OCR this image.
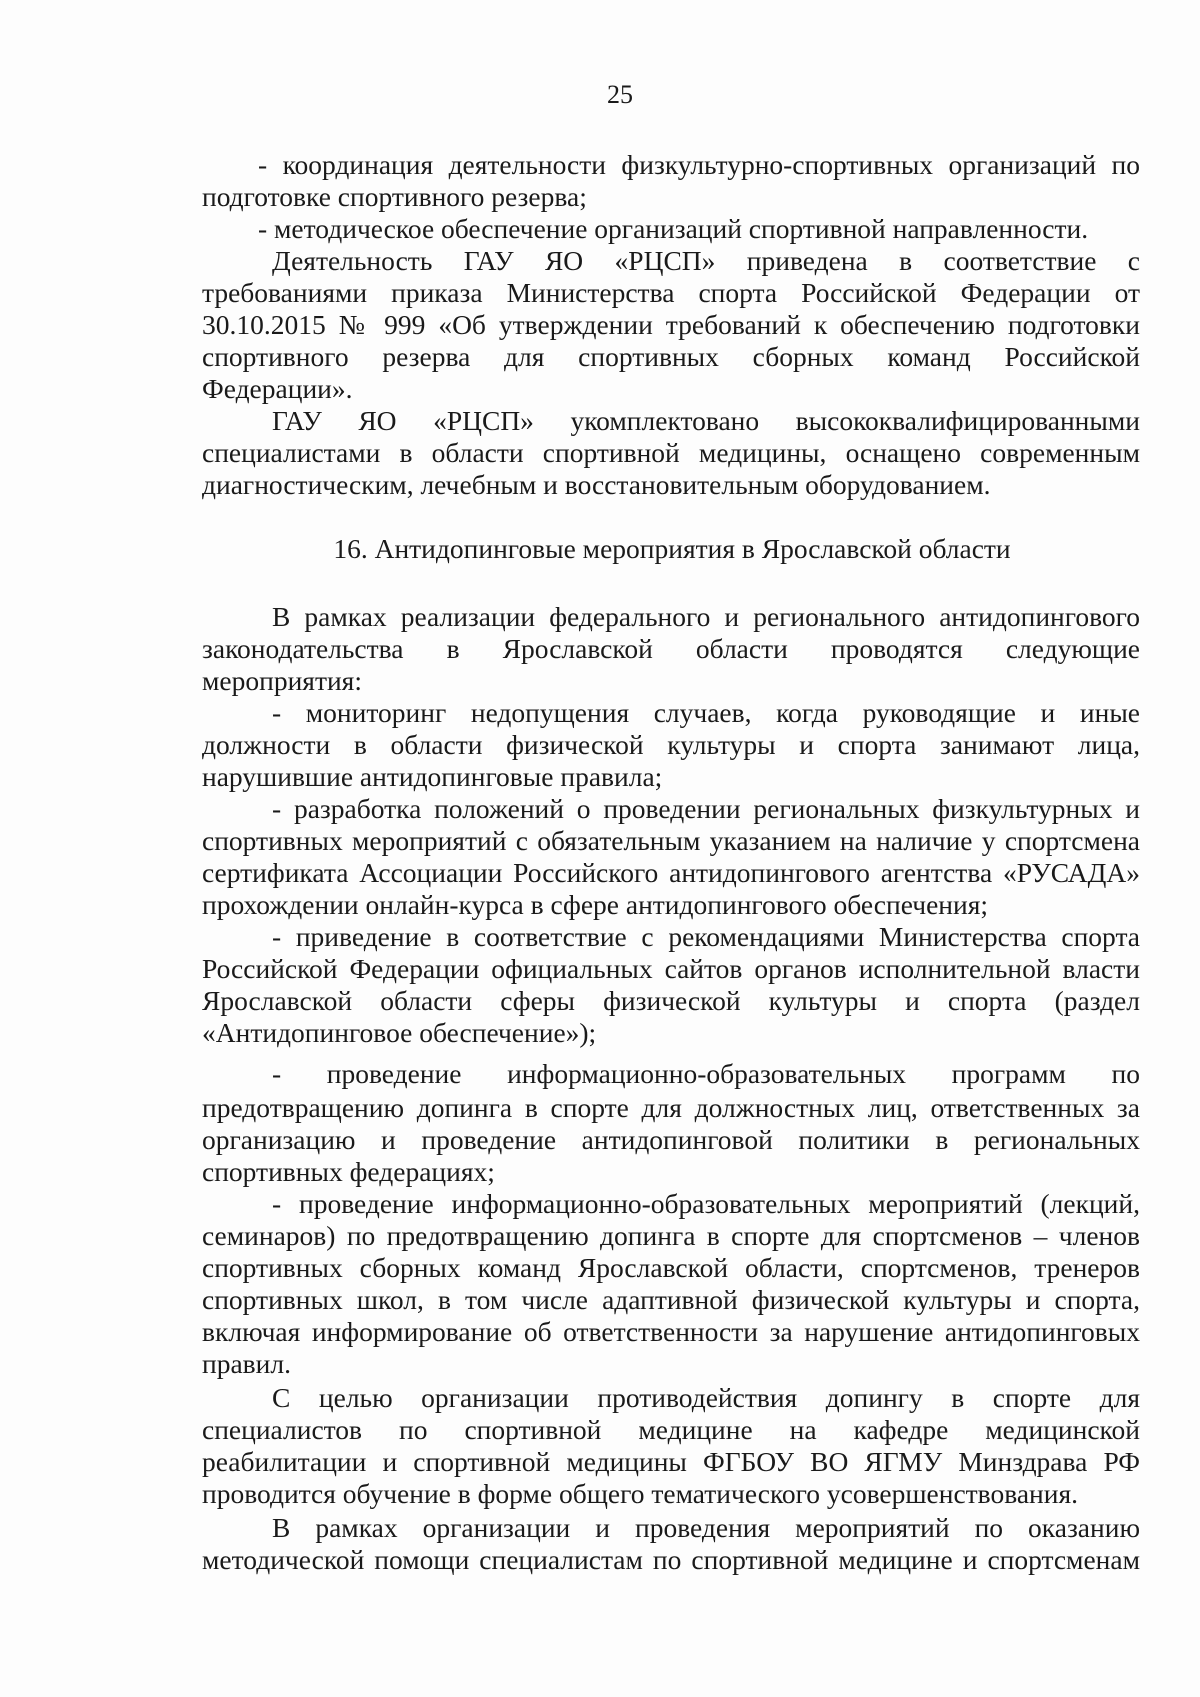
25
- координация деятельности физкультурно-спортивных организаций по
подготовке спортивного резерва;
- методическое обеспечение организаций спортивной направленности.
Деятельность ГАУ ЯО «РЦСП» приведена в соответствие с
требованиями приказа Министерства спорта Российской Федерации от
30.10.2015 № 999 «Об утверждении требований к обеспечению подготовки
спортивного резерва для спортивных сборных команд Российской
Федерации».
ГАУ ЯО «РЦСП» укомплектовано высококвалифицированными
специалистами в области спортивной медицины, оснащено современным
диагностическим, лечебным и восстановительным оборудованием.
16. Антидопинговые мероприятия в Ярославской области
В рамках реализации федерального и регионального антидопингового
законодательства в Ярославской области проводятся следующие
мероприятия:
- мониторинг недопущения случаев, когда руководящие и иные
должности в области физической культуры и спорта занимают лица,
нарушившие антидопинговые правила;
- разработка положений о проведении региональных физкультурных и
спортивных мероприятий с обязательным указанием на наличие у спортсмена
сертификата Ассоциации Российского антидопингового агентства «РУСАДА»
прохождении онлайн-курса в сфере антидопингового обеспечения;
- приведение в соответствие с рекомендациями Министерства спорта
Российской Федерации официальных сайтов органов исполнительной власти
Ярославской области сферы физической культуры и спорта (раздел
«Антидопинговое обеспечение»);
- проведение информационно-образовательных программ по
предотвращению допинга в спорте для должностных лиц, ответственных за
организацию и проведение антидопинговой политики в региональных
спортивных федерациях;
- проведение информационно-образовательных мероприятий (лекций,
семинаров) по предотвращению допинга в спорте для спортсменов – членов
спортивных сборных команд Ярославской области, спортсменов, тренеров
спортивных школ, в том числе адаптивной физической культуры и спорта,
включая информирование об ответственности за нарушение антидопинговых
правил.
С целью организации противодействия допингу в спорте для
специалистов по спортивной медицине на кафедре медицинской
реабилитации и спортивной медицины ФГБОУ ВО ЯГМУ Минздрава РФ
проводится обучение в форме общего тематического усовершенствования.
В рамках организации и проведения мероприятий по оказанию
методической помощи специалистам по спортивной медицине и спортсменам
